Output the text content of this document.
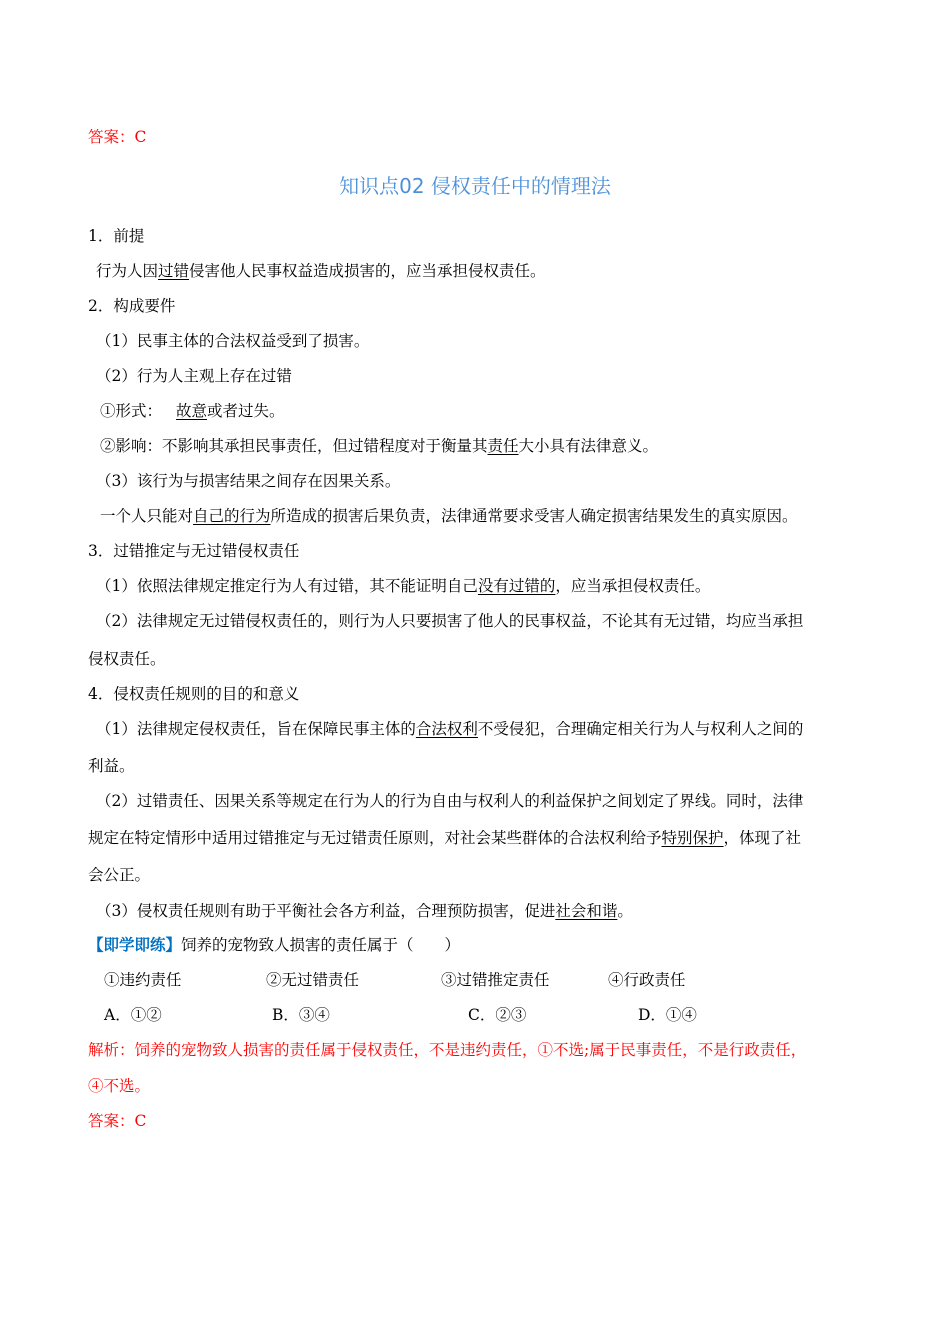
答案：C
知识点02 侵权责任中的情理法
1．前提
行为人因过错侵害他人民事权益造成损害的，应当承担侵权责任。
2．构成要件
（1）民事主体的合法权益受到了损害。
（2）行为人主观上存在过错
①形式： 故意或者过失。
②影响：不影响其承担民事责任，但过错程度对于衡量其责任大小具有法律意义。
（3）该行为与损害结果之间存在因果关系。
一个人只能对自己的行为所造成的损害后果负责，法律通常要求受害人确定损害结果发生的真实原因。
3．过错推定与无过错侵权责任
（1）依照法律规定推定行为人有过错，其不能证明自己没有过错的，应当承担侵权责任。
（2）法律规定无过错侵权责任的，则行为人只要损害了他人的民事权益，不论其有无过错，均应当承担
侵权责任。
4．侵权责任规则的目的和意义
（1）法律规定侵权责任，旨在保障民事主体的合法权利不受侵犯，合理确定相关行为人与权利人之间的
利益。
（2）过错责任、因果关系等规定在行为人的行为自由与权利人的利益保护之间划定了界线。同时，法律
规定在特定情形中适用过错推定与无过错责任原则，对社会某些群体的合法权利给予特别保护，体现了社
会公正。
（3）侵权责任规则有助于平衡社会各方利益，合理预防损害，促进社会和谐。
【即学即练】饲养的宠物致人损害的责任属于（　　）
①违约责任	②无过错责任	③过错推定责任	④行政责任
A．①②	B．③④	C．②③	D．①④
解析：饲养的宠物致人损害的责任属于侵权责任，不是违约责任，①不选;属于民事责任，不是行政责任，
④不选。
答案：C
